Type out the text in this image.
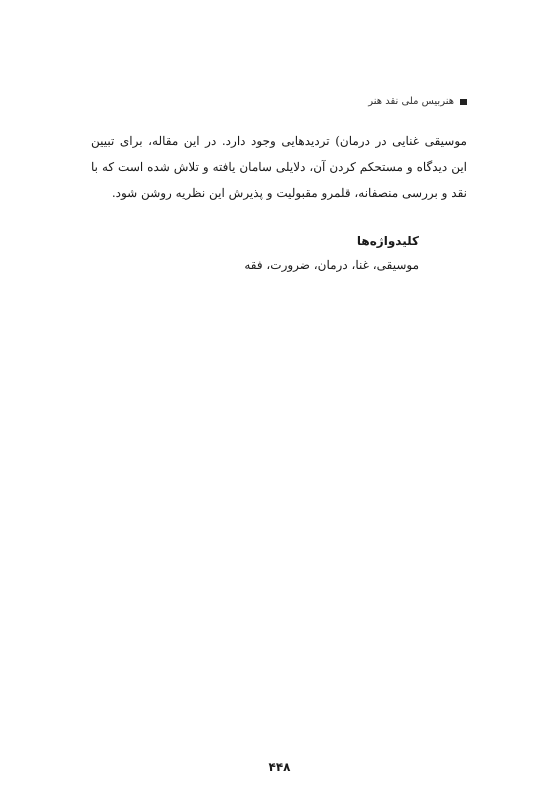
هنربیس ملی نقد هنر

موسیقی غنایی در درمان) تردیدهایی وجود دارد. در این مقاله، برای تبیین این دیدگاه و مستحکم کردن آن، دلایلی سامان یافته و تلاش شده است که با نقد و بررسی منصفانه، قلمرو مقبولیت و پذیرش این نظریه روشن شود.

کلیدواژه‌ها

موسیقی، غنا، درمان، ضرورت، فقه

۴۴۸
